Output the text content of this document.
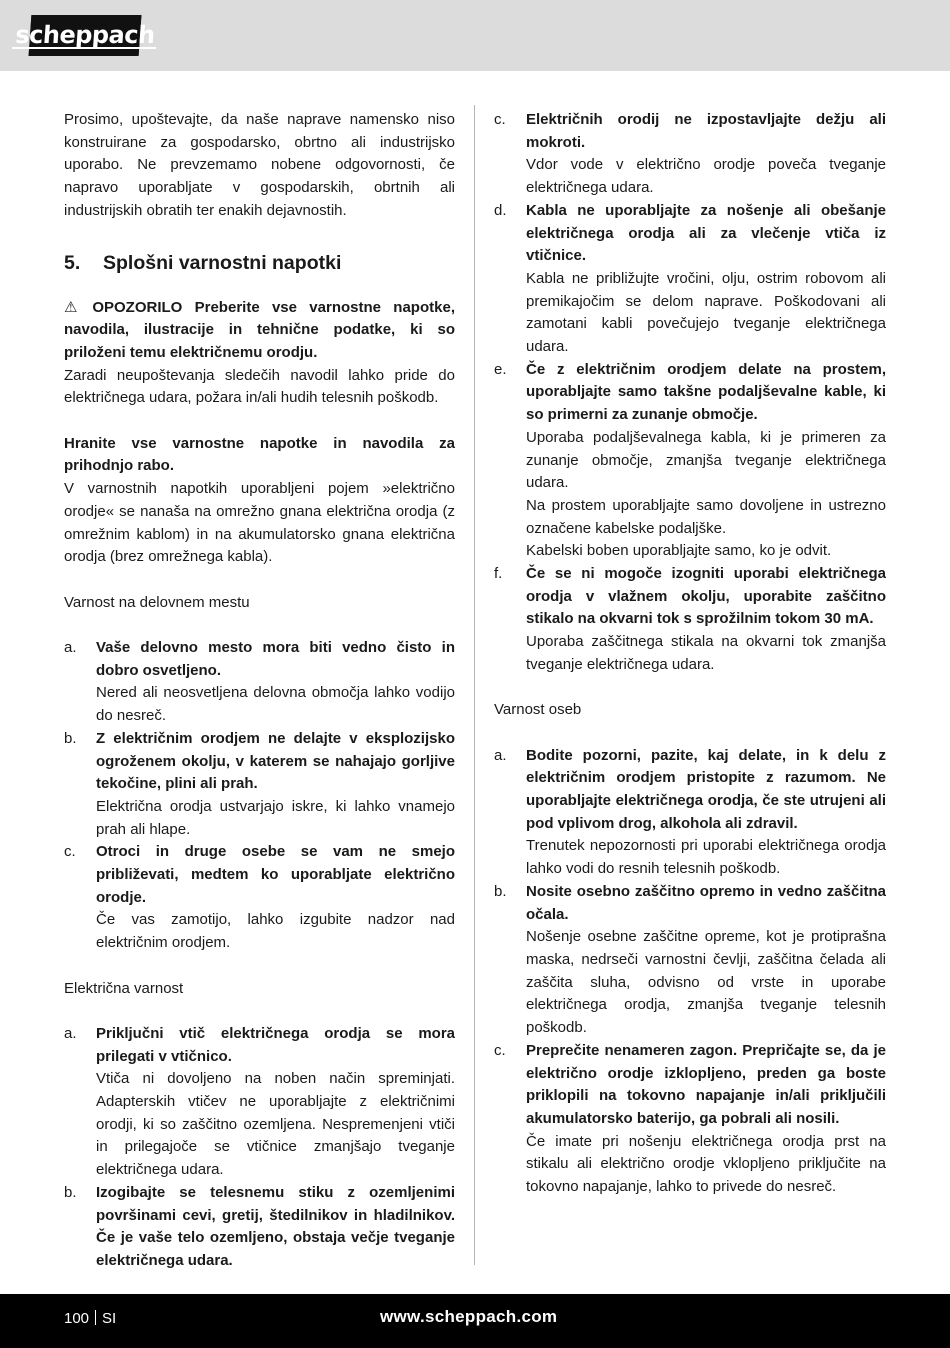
scheppach

Prosimo, upoštevajte, da naše naprave namensko niso konstruirane za gospodarsko, obrtno ali industrijsko uporabo. Ne prevzemamo nobene odgovornosti, če napravo uporabljate v gospodarskih, obrtnih ali industrijskih obratih ter enakih dejavnostih.

5. Splošni varnostni napotki

⚠ OPOZORILO Preberite vse varnostne napotke, navodila, ilustracije in tehnične podatke, ki so priloženi temu električnemu orodju.

Zaradi neupoštevanja sledečih navodil lahko pride do električnega udara, požara in/ali hudih telesnih poškodb.

Hranite vse varnostne napotke in navodila za prihodnjo rabo.

V varnostnih napotkih uporabljeni pojem »električno orodje« se nanaša na omrežno gnana električna orodja (z omrežnim kablom) in na akumulatorsko gnana električna orodja (brez omrežnega kabla).

Varnost na delovnem mestu

a.	Vaše delovno mesto mora biti vedno čisto in dobro osvetljeno.

Nered ali neosvetljena delovna območja lahko vodijo do nesreč.

b.	Z električnim orodjem ne delajte v eksplozijsko ogroženem okolju, v katerem se nahajajo gorljive tekočine, plini ali prah.

Električna orodja ustvarjajo iskre, ki lahko vnamejo prah ali hlape.

c.	Otroci in druge osebe se vam ne smejo približevati, medtem ko uporabljate električno orodje.

Če vas zamotijo, lahko izgubite nadzor nad električnim orodjem.

Električna varnost

a.	Priključni vtič električnega orodja se mora prilegati v vtičnico.

Vtiča ni dovoljeno na noben način spreminjati. Adapterskih vtičev ne uporabljajte z električnimi orodji, ki so zaščitno ozemljena. Nespremenjeni vtiči in prilegajoče se vtičnice zmanjšajo tveganje električnega udara.

b.	Izogibajte se telesnemu stiku z ozemljenimi površinami cevi, gretij, štedilnikov in hladilnikov. Če je vaše telo ozemljeno, obstaja večje tveganje električnega udara.

c.	Električnih orodij ne izpostavljajte dežju ali mokroti.

Vdor vode v električno orodje poveča tveganje električnega udara.

d.	Kabla ne uporabljajte za nošenje ali obešanje električnega orodja ali za vlečenje vtiča iz vtičnice.

Kabla ne približujte vročini, olju, ostrim robovom ali premikajočim se delom naprave. Poškodovani ali zamotani kabli povečujejo tveganje električnega udara.

e.	Če z električnim orodjem delate na prostem, uporabljajte samo takšne podaljševalne kable, ki so primerni za zunanje območje.

Uporaba podaljševalnega kabla, ki je primeren za zunanje območje, zmanjša tveganje električnega udara.

Na prostem uporabljajte samo dovoljene in ustrezno označene kabelske podaljške.

Kabelski boben uporabljajte samo, ko je odvit.

f.	Če se ni mogoče izogniti uporabi električnega orodja v vlažnem okolju, uporabite zaščitno stikalo na okvarni tok s sprožilnim tokom 30 mA.

Uporaba zaščitnega stikala na okvarni tok zmanjša tveganje električnega udara.

Varnost oseb

a.	Bodite pozorni, pazite, kaj delate, in k delu z električnim orodjem pristopite z razumom. Ne uporabljajte električnega orodja, če ste utrujeni ali pod vplivom drog, alkohola ali zdravil.

Trenutek nepozornosti pri uporabi električnega orodja lahko vodi do resnih telesnih poškodb.

b.	Nosite osebno zaščitno opremo in vedno zaščitna očala.

Nošenje osebne zaščitne opreme, kot je protiprašna maska, nedrseči varnostni čevlji, zaščitna čelada ali zaščita sluha, odvisno od vrste in uporabe električnega orodja, zmanjša tveganje telesnih poškodb.

c.	Preprečite nenameren zagon. Prepričajte se, da je električno orodje izklopljeno, preden ga boste priklopili na tokovno napajanje in/ali priključili akumulatorsko baterijo, ga pobrali ali nosili.

Če imate pri nošenju električnega orodja prst na stikalu ali električno orodje vklopljeno priključite na tokovno napajanje, lahko to privede do nesreč.

100 SI	www.scheppach.com
